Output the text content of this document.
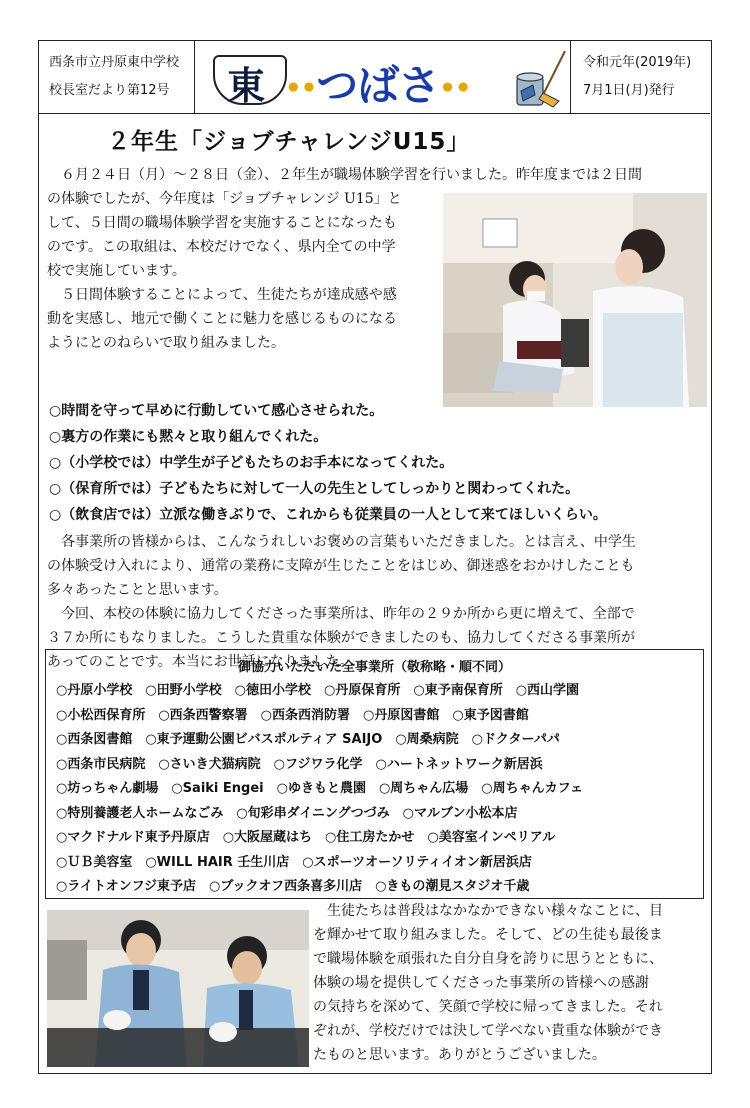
西条市立丹原東中学校
校長室だより第12号	東 ••つばさ••
令和元年(2019年)
7月1日(月)発行
２年生「ジョブチャレンジU15」
６月２４日（月）～２８日（金）、２年生が職場体験学習を行いました。昨年度までは２日間
の体験でしたが、今年度は「ジョブチャレンジ U15」と
して、５日間の職場体験学習を実施することになったも
のです。この取組は、本校だけでなく、県内全ての中学
校で実施しています。
　５日間体験することによって、生徒たちが達成感や感
動を実感し、地元で働くことに魅力を感じるものになる
ようにとのねらいで取り組みました。
○時間を守って早めに行動していて感心させられた。
○裏方の作業にも黙々と取り組んでくれた。
○（小学校では）中学生が子どもたちのお手本になってくれた。
○（保育所では）子どもたちに対して一人の先生としてしっかりと関わってくれた。
○（飲食店では）立派な働きぶりで、これからも従業員の一人として来てほしいくらい。
　各事業所の皆様からは、こんなうれしいお褒めの言葉もいただきました。とは言え、中学生
の体験受け入れにより、通常の業務に支障が生じたことをはじめ、御迷惑をおかけしたことも
多々あったことと思います。
　今回、本校の体験に協力してくださった事業所は、昨年の２９か所から更に増えて、全部で
３７か所にもなりました。こうした貴重な体験ができましたのも、協力してくださる事業所が
あってのことです。本当にお世話になりました。
御協力いただいた全事業所（敬称略・順不同）
○丹原小学校　○田野小学校　○徳田小学校　○丹原保育所　○東予南保育所　○西山学園
○小松西保育所　○西条西警察署　○西条西消防署　○丹原図書館　○東予図書館
○西条図書館　○東予運動公園ビバスポルティア SAIJO　○周桑病院　○ドクターパパ
○西条市民病院　○さいき犬猫病院　○フジワラ化学　○ハートネットワーク新居浜
○坊っちゃん劇場　○Saiki Engei　○ゆきもと農園　○周ちゃん広場　○周ちゃんカフェ
○特別養護老人ホームなごみ　○旬彩串ダイニングつづみ　○マルブン小松本店
○マクドナルド東予丹原店　○大阪屋蔵はち　○住工房たかせ　○美容室インペリアル
○ＵＢ美容室　○WILL HAIR 壬生川店　○スポーツオーソリティイオン新居浜店
○ライトオンフジ東予店　○ブックオフ西条喜多川店　○きもの潮見スタジオ千歳
　生徒たちは普段はなかなかできない様々なことに、目
を輝かせて取り組みました。そして、どの生徒も最後ま
で職場体験を頑張れた自分自身を誇りに思うとともに、
体験の場を提供してくださった事業所の皆様への感謝
の気持ちを深めて、笑顔で学校に帰ってきました。それ
ぞれが、学校だけでは決して学べない貴重な体験ができ
たものと思います。ありがとうございました。
